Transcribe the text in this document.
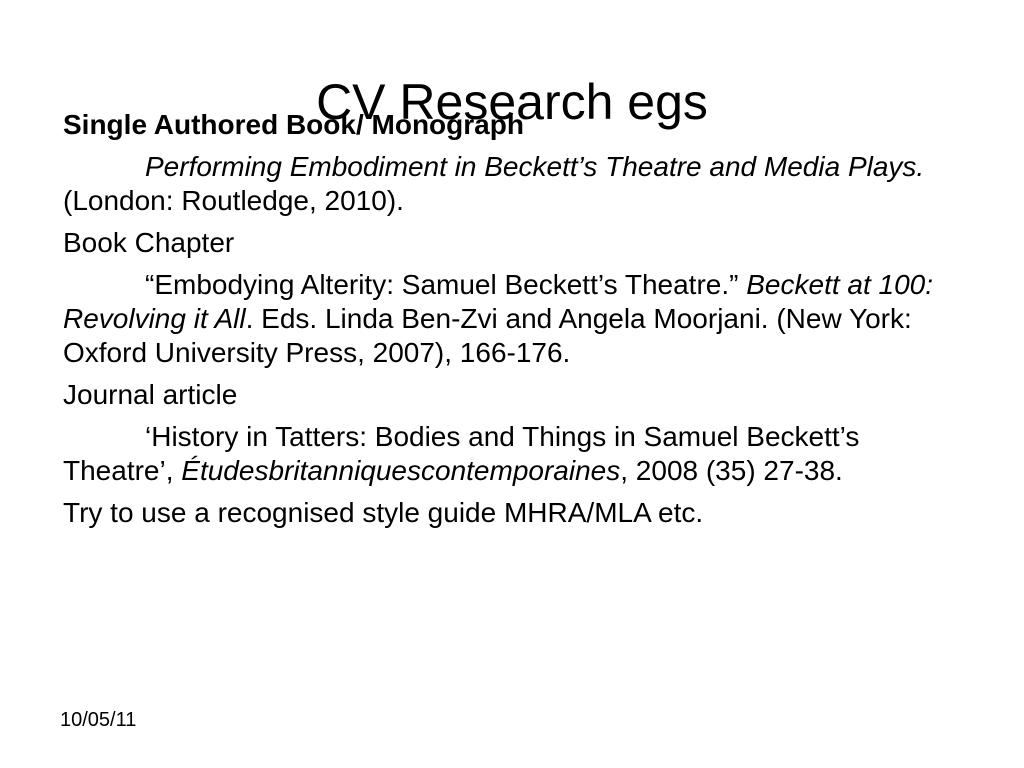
CV Research egs

Single Authored Book/ Monograph

Performing Embodiment in Beckett’s Theatre and Media Plays. (London: Routledge, 2010).

Book Chapter

“Embodying Alterity: Samuel Beckett’s Theatre.” Beckett at 100: Revolving it All. Eds. Linda Ben-Zvi and Angela Moorjani. (New York: Oxford University Press, 2007), 166-176.

Journal article

‘History in Tatters: Bodies and Things in Samuel Beckett’s Theatre’, Étudesbritanniquescontemporaines, 2008 (35) 27-38.

Try to use a recognised style guide MHRA/MLA etc.

10/05/11
